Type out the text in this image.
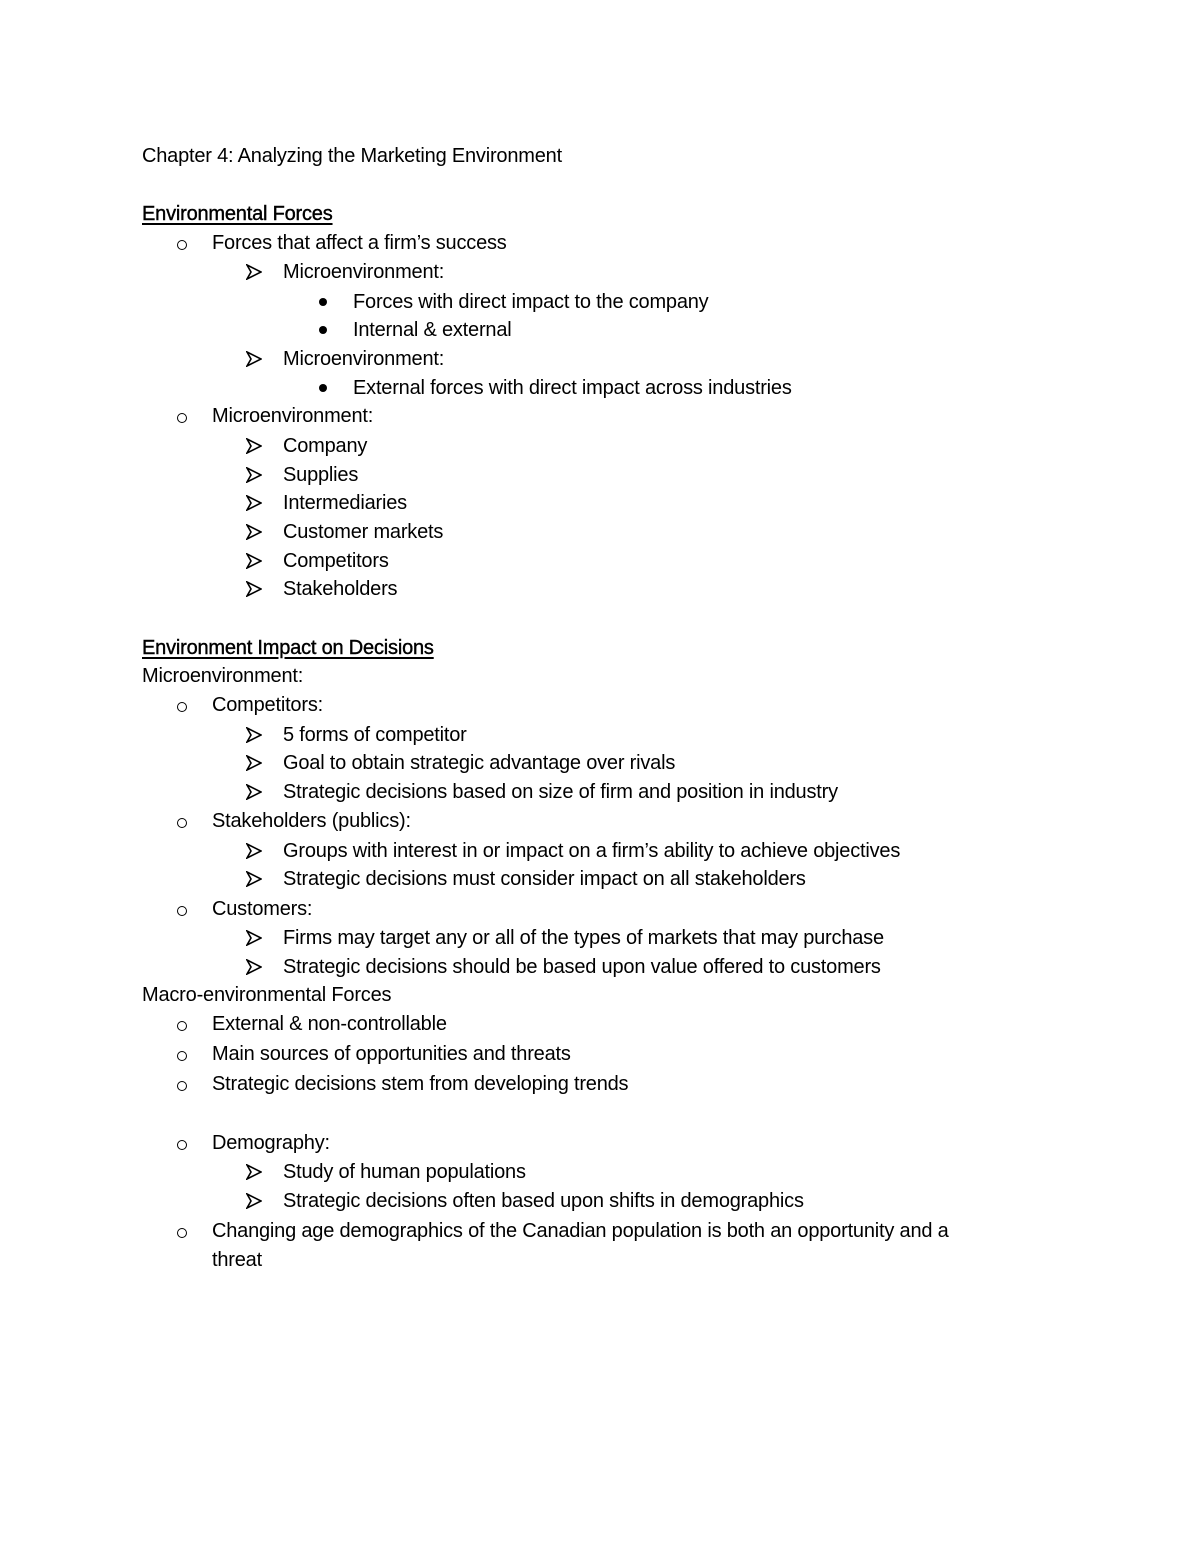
Chapter 4: Analyzing the Marketing Environment
Environmental Forces
Forces that affect a firm’s success
Microenvironment:
Forces with direct impact to the company
Internal & external
Microenvironment:
External forces with direct impact across industries
Microenvironment:
Company
Supplies
Intermediaries
Customer markets
Competitors
Stakeholders
Environment Impact on Decisions
Microenvironment:
Competitors:
5 forms of competitor
Goal to obtain strategic advantage over rivals
Strategic decisions based on size of firm and position in industry
Stakeholders (publics):
Groups with interest in or impact on a firm’s ability to achieve objectives
Strategic decisions must consider impact on all stakeholders
Customers:
Firms may target any or all of the types of markets that may purchase
Strategic decisions should be based upon value offered to customers
Macro-environmental Forces
External & non-controllable
Main sources of opportunities and threats
Strategic decisions stem from developing trends
Demography:
Study of human populations
Strategic decisions often based upon shifts in demographics
Changing age demographics of the Canadian population is both an opportunity and a
threat
